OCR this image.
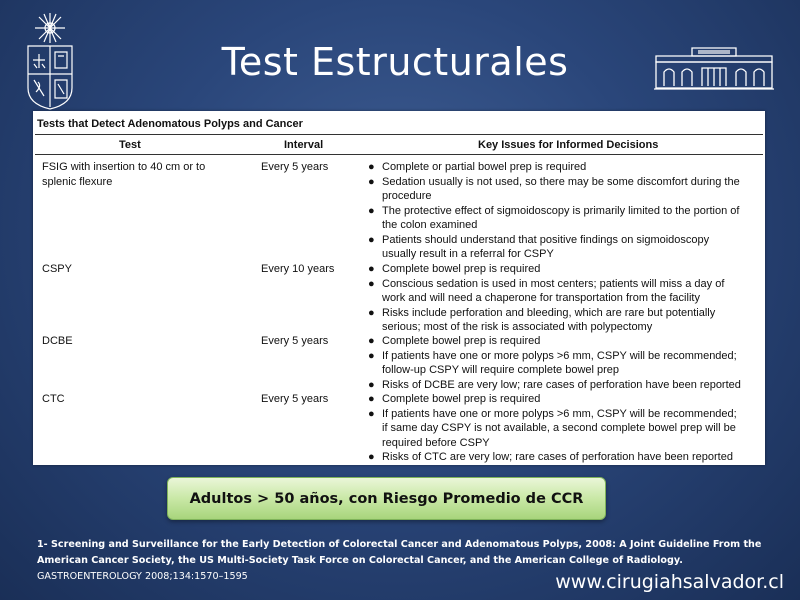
Test Estructurales
Tests that Detect Adenomatous Polyps and Cancer
Test	Interval	Key Issues for Informed Decisions
FSIG with insertion to 40 cm or to
splenic flexure
Every 5 years	● Complete or partial bowel prep is required
● Sedation usually is not used, so there may be some discomfort during the
procedure
● The protective effect of sigmoidoscopy is primarily limited to the portion of
the colon examined
● Patients should understand that positive findings on sigmoidoscopy
usually result in a referral for CSPY
CSPY	Every 10 years	● Complete bowel prep is required
● Conscious sedation is used in most centers; patients will miss a day of
work and will need a chaperone for transportation from the facility
● Risks include perforation and bleeding, which are rare but potentially
serious; most of the risk is associated with polypectomy
DCBE	Every 5 years	● Complete bowel prep is required
● If patients have one or more polyps >6 mm, CSPY will be recommended;
follow-up CSPY will require complete bowel prep
● Risks of DCBE are very low; rare cases of perforation have been reported
CTC	Every 5 years	● Complete bowel prep is required
● If patients have one or more polyps >6 mm, CSPY will be recommended;
if same day CSPY is not available, a second complete bowel prep will be
required before CSPY
● Risks of CTC are very low; rare cases of perforation have been reported
Adultos > 50 años, con Riesgo Promedio de CCR
1- Screening and Surveillance for the Early Detection of Colorectal Cancer and Adenomatous Polyps, 2008: A Joint Guideline From the American Cancer Society, the US Multi-Society Task Force on Colorectal Cancer, and the American College of Radiology. GASTROENTEROLOGY 2008;134:1570–1595	www.cirugiahsalvador.cl
